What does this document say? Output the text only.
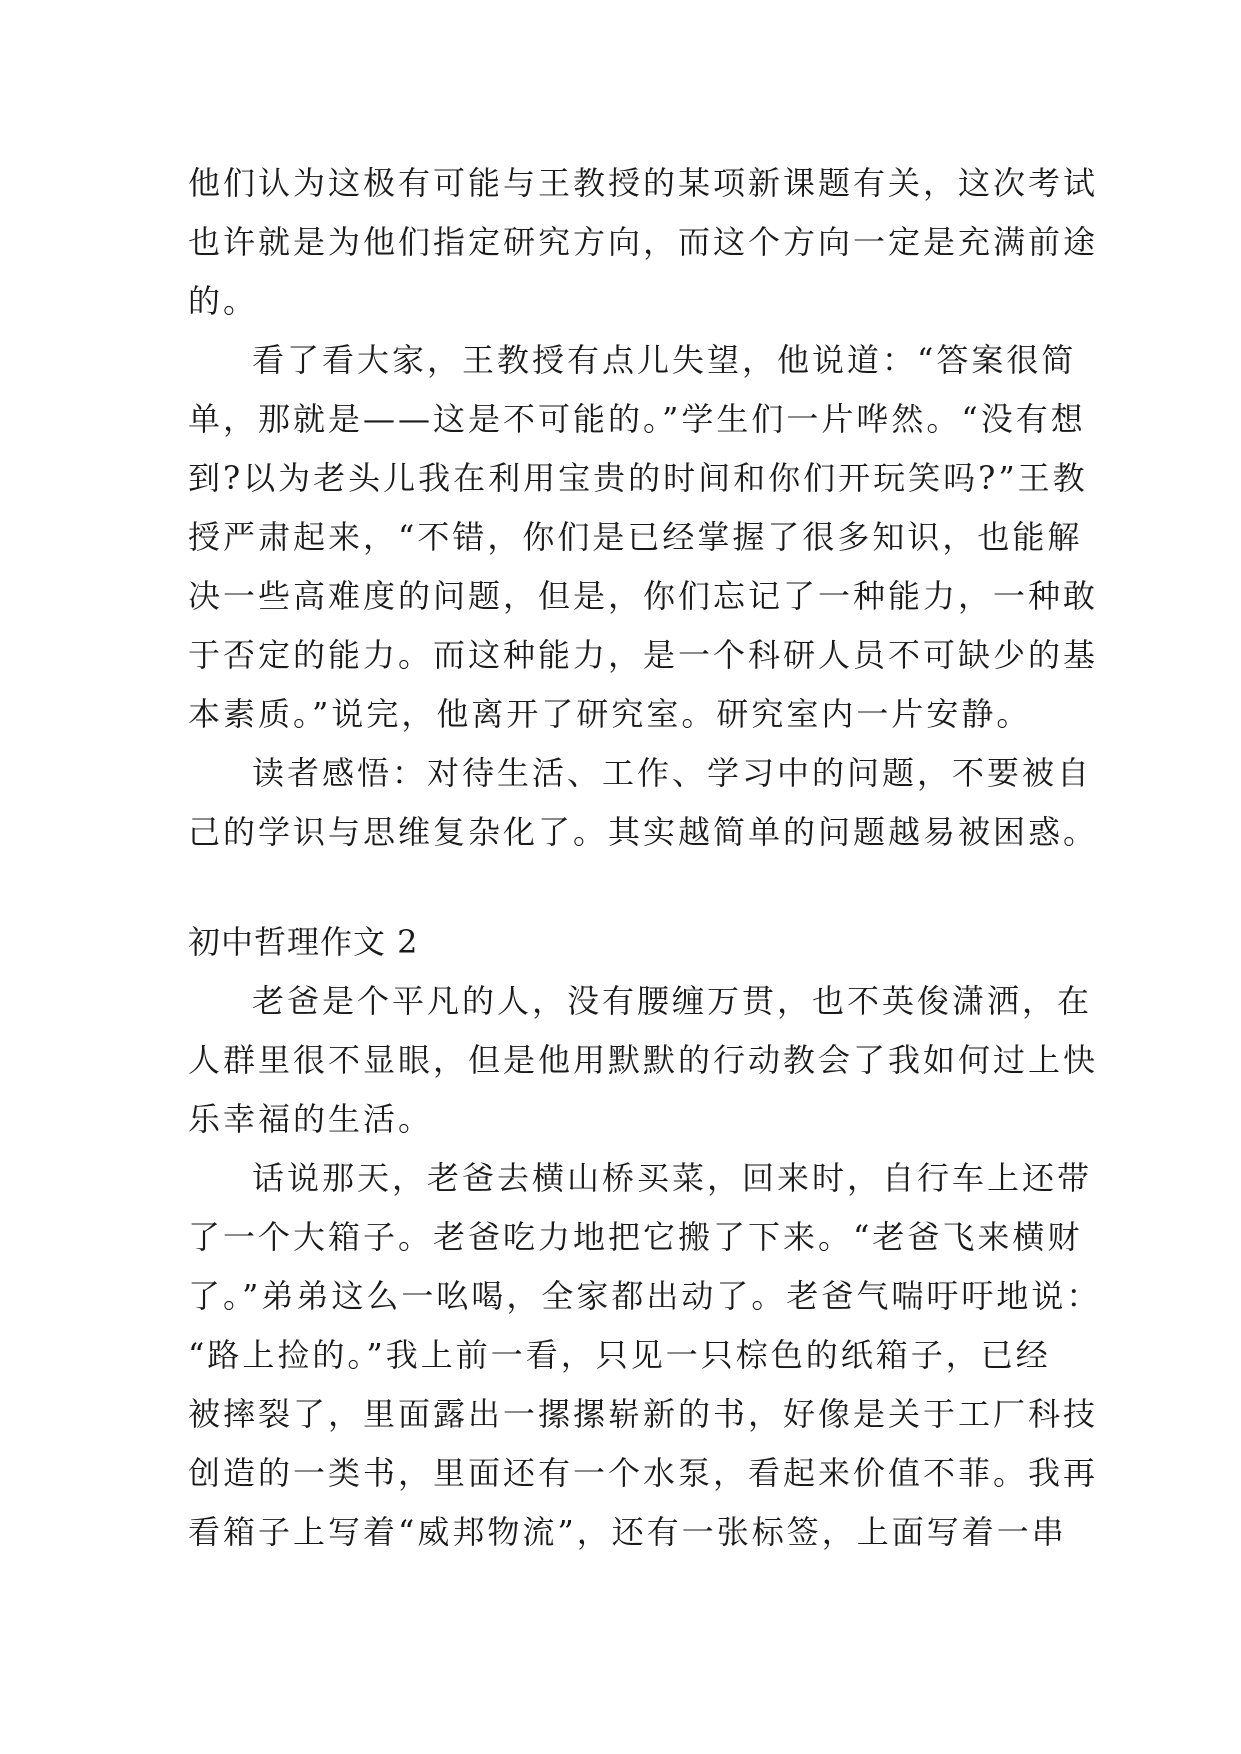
他们认为这极有可能与王教授的某项新课题有关，这次考试
也许就是为他们指定研究方向，而这个方向一定是充满前途
的。
看了看大家，王教授有点儿失望，他说道：“答案很简
单，那就是——这是不可能的。”学生们一片哗然。“没有想
到?以为老头儿我在利用宝贵的时间和你们开玩笑吗?”王教
授严肃起来，“不错，你们是已经掌握了很多知识，也能解
决一些高难度的问题，但是，你们忘记了一种能力，一种敢
于否定的能力。而这种能力，是一个科研人员不可缺少的基
本素质。”说完，他离开了研究室。研究室内一片安静。
读者感悟：对待生活、工作、学习中的问题，不要被自
己的学识与思维复杂化了。其实越简单的问题越易被困惑。
初中哲理作文 2
老爸是个平凡的人，没有腰缠万贯，也不英俊潇洒，在
人群里很不显眼，但是他用默默的行动教会了我如何过上快
乐幸福的生活。
话说那天，老爸去横山桥买菜，回来时，自行车上还带
了一个大箱子。老爸吃力地把它搬了下来。“老爸飞来横财
了。”弟弟这么一吆喝，全家都出动了。老爸气喘吁吁地说：
“路上捡的。”我上前一看，只见一只棕色的纸箱子，已经
被摔裂了，里面露出一摞摞崭新的书，好像是关于工厂科技
创造的一类书，里面还有一个水泵，看起来价值不菲。我再
看箱子上写着“威邦物流”，还有一张标签，上面写着一串
